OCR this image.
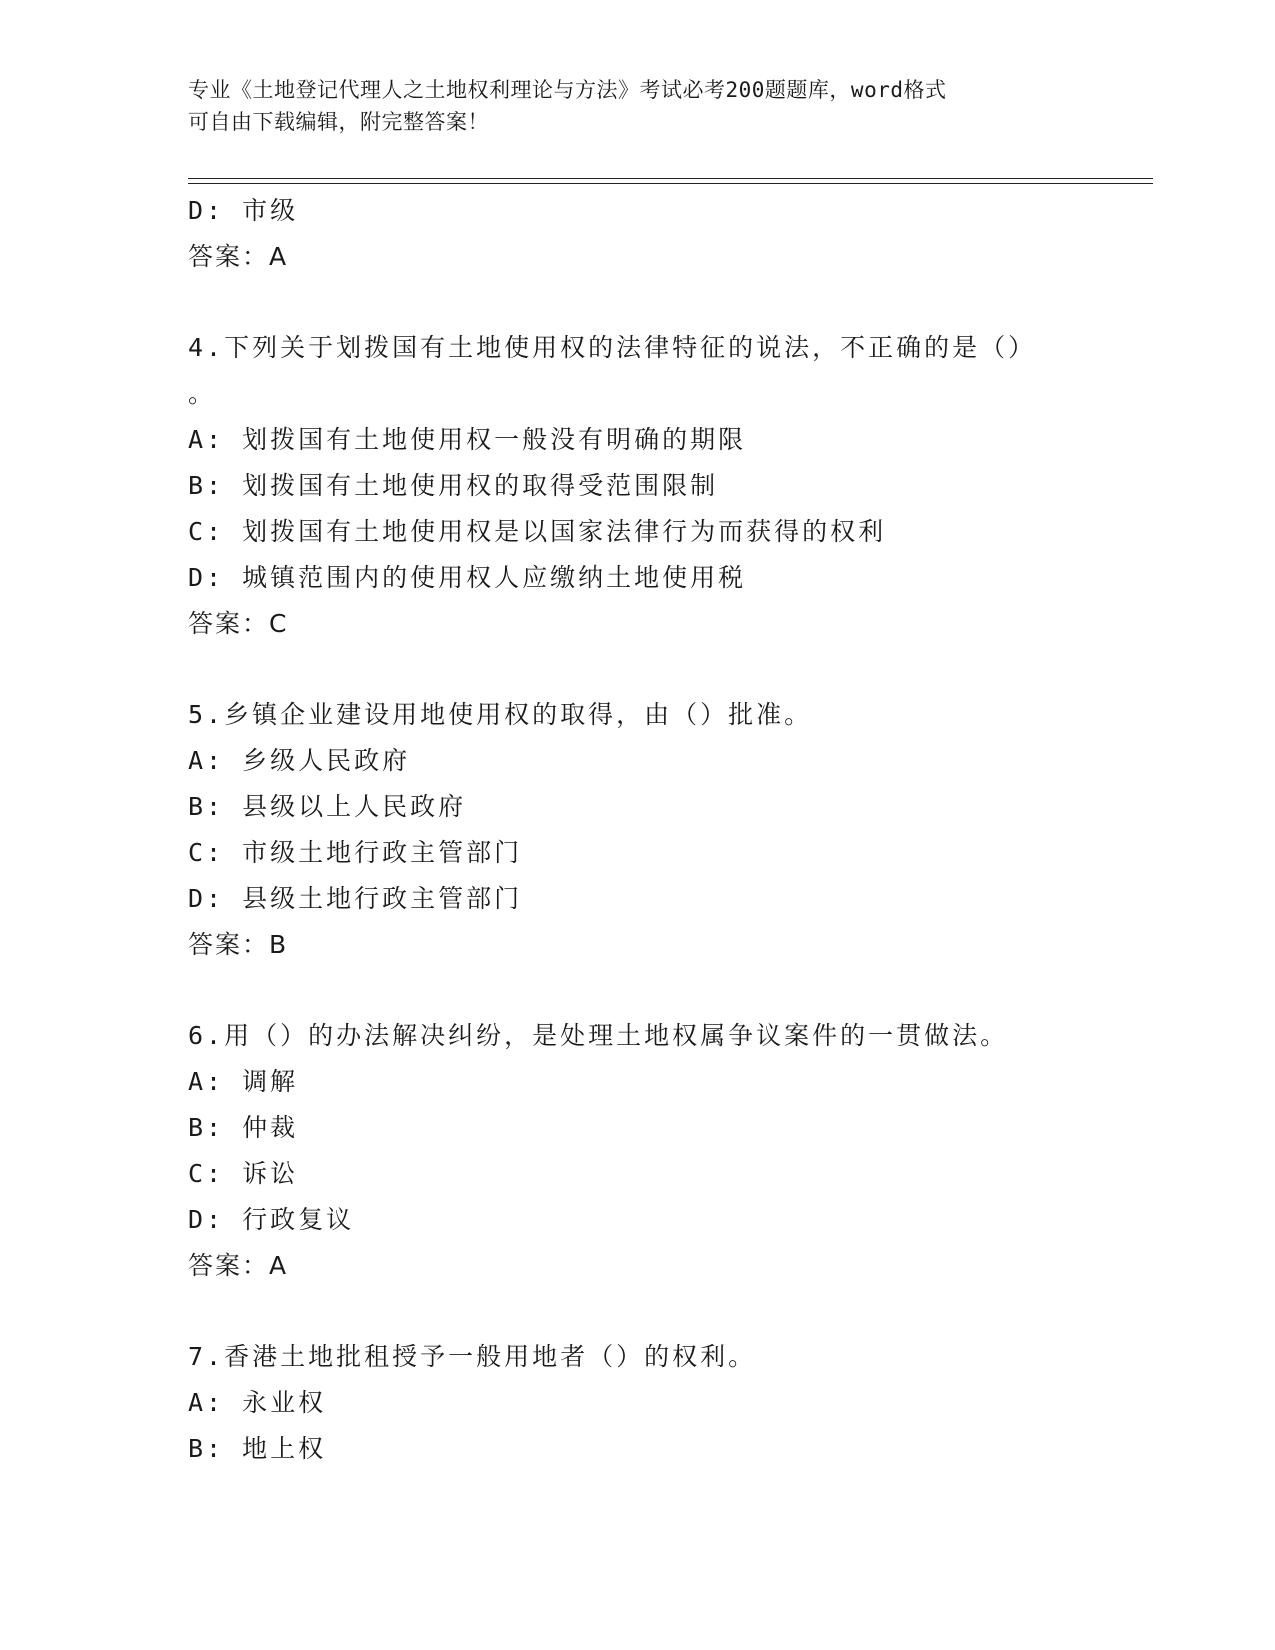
专业《土地登记代理人之土地权利理论与方法》考试必考200题题库，word格式
可自由下载编辑，附完整答案！
D: 市级
答案：A
4.下列关于划拨国有土地使用权的法律特征的说法，不正确的是（）
。
A: 划拨国有土地使用权一般没有明确的期限
B: 划拨国有土地使用权的取得受范围限制
C: 划拨国有土地使用权是以国家法律行为而获得的权利
D: 城镇范围内的使用权人应缴纳土地使用税
答案：C
5.乡镇企业建设用地使用权的取得，由（）批准。
A: 乡级人民政府
B: 县级以上人民政府
C: 市级土地行政主管部门
D: 县级土地行政主管部门
答案：B
6.用（）的办法解决纠纷，是处理土地权属争议案件的一贯做法。
A: 调解
B: 仲裁
C: 诉讼
D: 行政复议
答案：A
7.香港土地批租授予一般用地者（）的权利。
A: 永业权
B: 地上权
